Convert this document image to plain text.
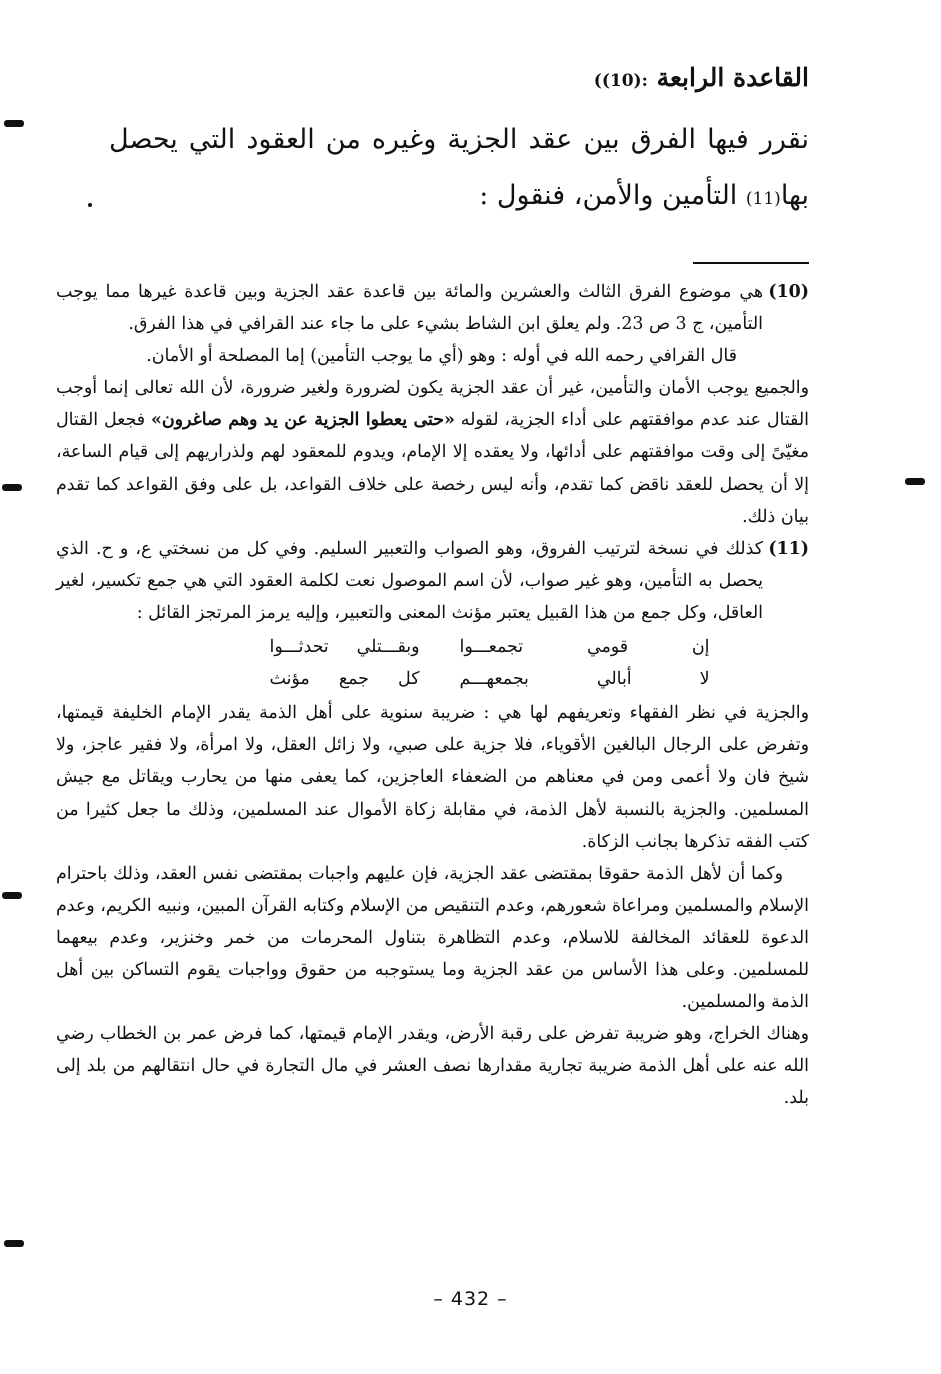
القاعدة الرابعة :(10))
نقرر فيها الفرق بين عقد الجزية وغيره من العقود التي يحصل بها(11) التأمين والأمن، فنقول :
(10)

هي موضوع الفرق الثالث والعشرين والمائة بين قاعدة عقد الجزية وبين قاعدة غيرها مما يوجب التأمين، ج 3 ص 23. ولم يعلق ابن الشاط بشيء على ما جاء عند القرافي في هذا الفرق.

قال القرافي رحمه الله في أوله : وهو (أي ما يوجب التأمين) إما المصلحة أو الأمان.

والجميع يوجب الأمان والتأمين، غير أن عقد الجزية يكون لضرورة ولغير ضرورة، لأن الله تعالى إنما أوجب القتال عند عدم موافقتهم على أداء الجزية، لقوله «حتى يعطوا الجزية عن يد وهم صاغرون» فجعل القتال مغيّىً إلى وقت موافقتهم على أدائها، ولا يعقده إلا الإمام، ويدوم للمعقود لهم ولذراريهم إلى قيام الساعة، إلا أن يحصل للعقد ناقض كما تقدم، وأنه ليس رخصة على خلاف القواعد، بل على وفق القواعد كما تقدم بيان ذلك.

(11)

كذلك في نسخة لترتيب الفروق، وهو الصواب والتعبير السليم. وفي كل من نسختي ع، و ح. الذي يحصل به التأمين، وهو غير صواب، لأن اسم الموصول نعت لكلمة العقود التي هي جمع تكسير، لغير العاقل، وكل جمع من هذا القبيل يعتبر مؤنث المعنى والتعبير، وإليه يرمز المرتجز القائل :

إن
قومي
تجمعـــوا
وبقـــتلي
تحدثـــوا
لا
أبالي
بجمعهـــم
كل
جمع
مؤنث

والجزية في نظر الفقهاء وتعريفهم لها هي : ضريبة سنوية على أهل الذمة يقدر الإمام الخليفة قيمتها، وتفرض على الرجال البالغين الأقوياء، فلا جزية على صبي، ولا زائل العقل، ولا امرأة، ولا فقير عاجز، ولا شيخ فان ولا أعمى ومن في معناهم من الضعفاء العاجزين، كما يعفى منها من يحارب ويقاتل مع جيش المسلمين. والجزية بالنسبة لأهل الذمة، في مقابلة زكاة الأموال عند المسلمين، وذلك ما جعل كثيرا من كتب الفقه تذكرها بجانب الزكاة.

وكما أن لأهل الذمة حقوقا بمقتضى عقد الجزية، فإن عليهم واجبات بمقتضى نفس العقد، وذلك باحترام الإسلام والمسلمين ومراعاة شعورهم، وعدم التنقيص من الإسلام وكتابه القرآن المبين، ونبيه الكريم، وعدم الدعوة للعقائد المخالفة للاسلام، وعدم التظاهرة بتناول المحرمات من خمر وخنزير، وعدم بيعهما للمسلمين. وعلى هذا الأساس من عقد الجزية وما يستوجبه من حقوق وواجبات يقوم التساكن بين أهل الذمة والمسلمين.

وهناك الخراج، وهو ضريبة تفرض على رقبة الأرض، ويقدر الإمام قيمتها، كما فرض عمر بن الخطاب رضي الله عنه على أهل الذمة ضريبة تجارية مقدارها نصف العشر في مال التجارة في حال انتقالهم من بلد إلى بلد.

– 432 –
